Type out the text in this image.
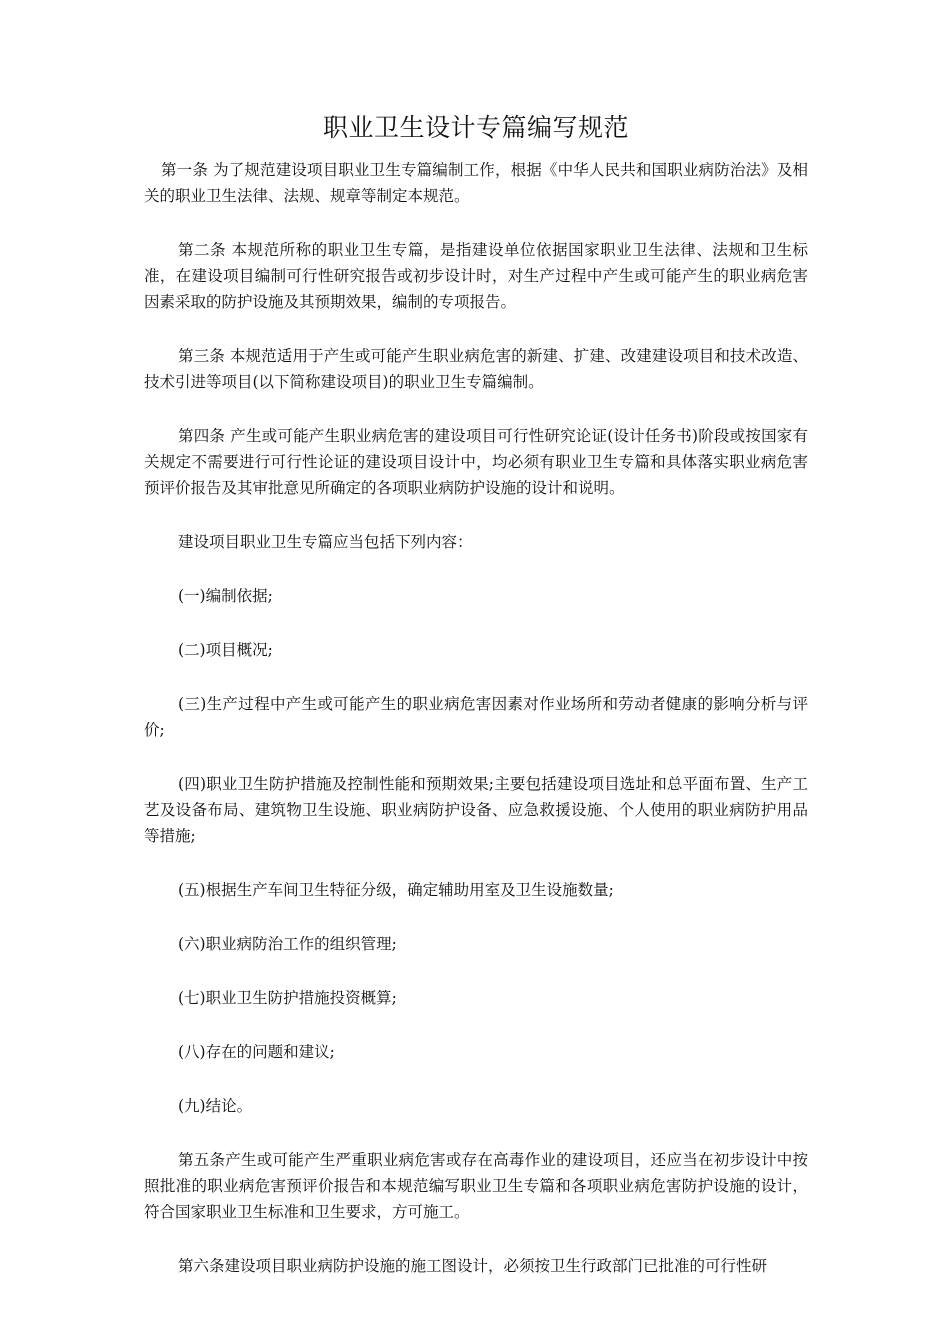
职业卫生设计专篇编写规范

第一条 为了规范建设项目职业卫生专篇编制工作，根据《中华人民共和国职业病防治法》及相关的职业卫生法律、法规、规章等制定本规范。

第二条 本规范所称的职业卫生专篇，是指建设单位依据国家职业卫生法律、法规和卫生标准，在建设项目编制可行性研究报告或初步设计时，对生产过程中产生或可能产生的职业病危害因素采取的防护设施及其预期效果，编制的专项报告。

第三条 本规范适用于产生或可能产生职业病危害的新建、扩建、改建建设项目和技术改造、技术引进等项目(以下简称建设项目)的职业卫生专篇编制。

第四条 产生或可能产生职业病危害的建设项目可行性研究论证(设计任务书)阶段或按国家有关规定不需要进行可行性论证的建设项目设计中，均必须有职业卫生专篇和具体落实职业病危害预评价报告及其审批意见所确定的各项职业病防护设施的设计和说明。

建设项目职业卫生专篇应当包括下列内容：

(一)编制依据;

(二)项目概况;

(三)生产过程中产生或可能产生的职业病危害因素对作业场所和劳动者健康的影响分析与评价;

(四)职业卫生防护措施及控制性能和预期效果;主要包括建设项目选址和总平面布置、生产工艺及设备布局、建筑物卫生设施、职业病防护设备、应急救援设施、个人使用的职业病防护用品等措施;

(五)根据生产车间卫生特征分级，确定辅助用室及卫生设施数量;

(六)职业病防治工作的组织管理;

(七)职业卫生防护措施投资概算;

(八)存在的问题和建议;

(九)结论。

第五条产生或可能产生严重职业病危害或存在高毒作业的建设项目，还应当在初步设计中按照批准的职业病危害预评价报告和本规范编写职业卫生专篇和各项职业病危害防护设施的设计，符合国家职业卫生标准和卫生要求，方可施工。

第六条建设项目职业病防护设施的施工图设计，必须按卫生行政部门已批准的可行性研
